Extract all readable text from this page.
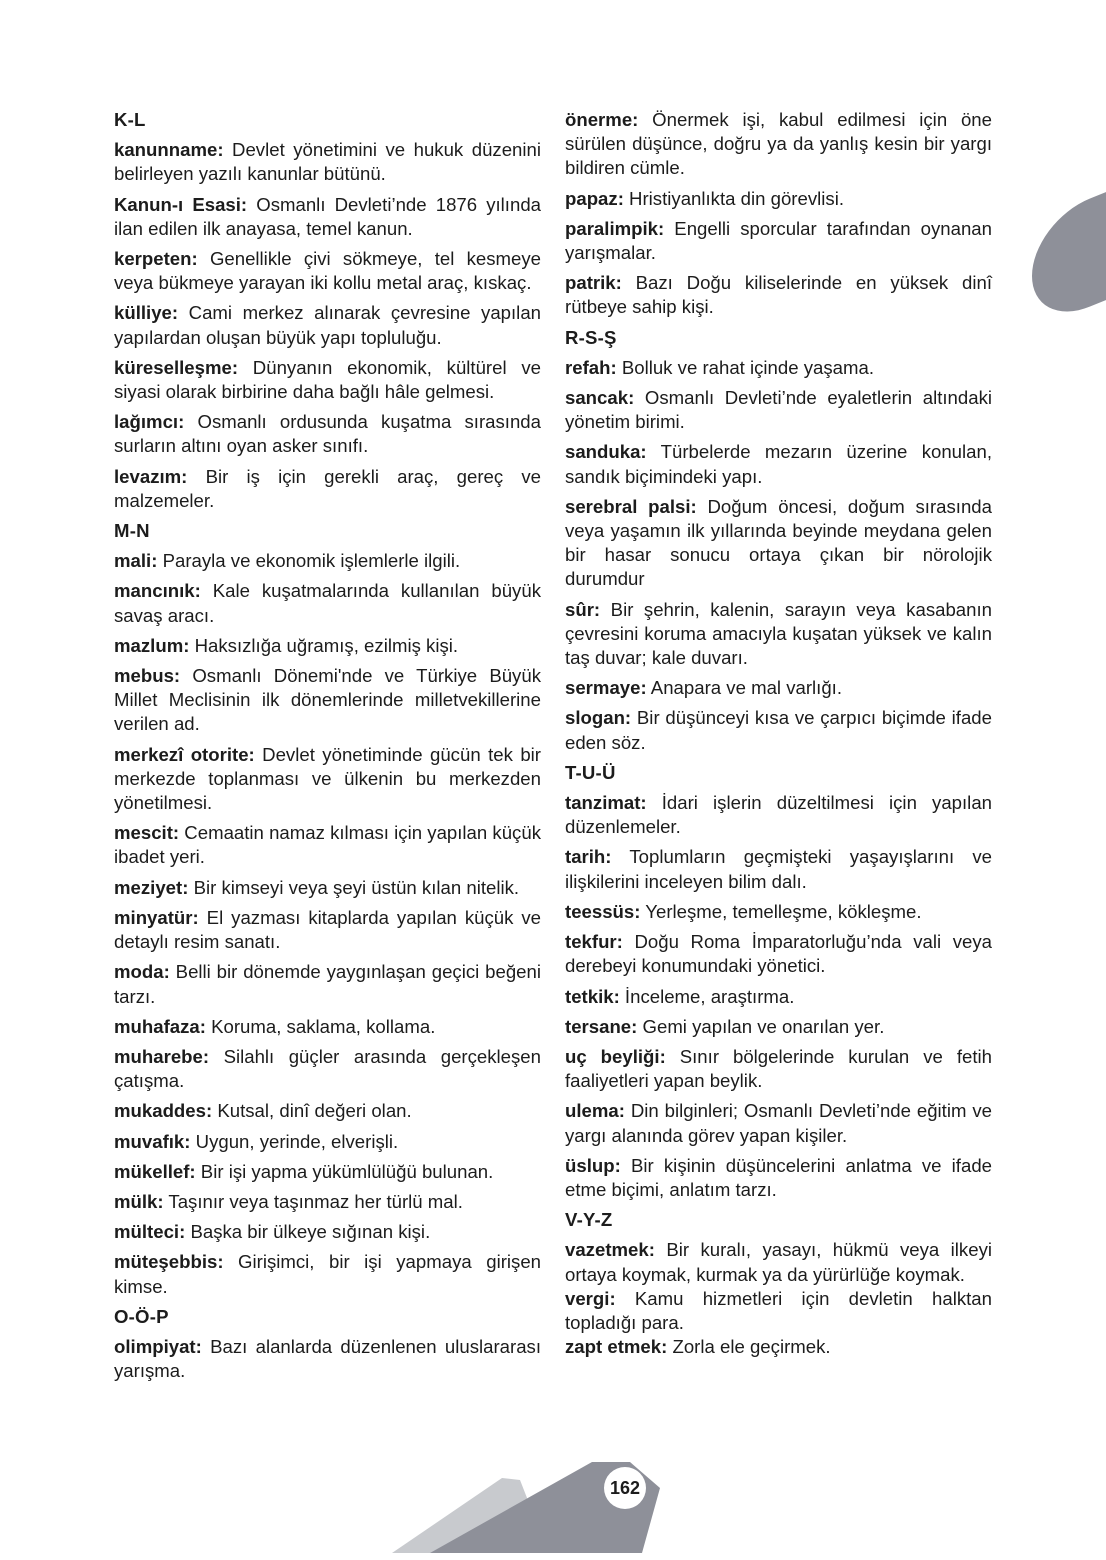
K-L
kanunname: Devlet yönetimini ve hukuk düzenini belirleyen yazılı kanunlar bütünü.
Kanun-ı Esasi: Osmanlı Devleti’nde 1876 yılında ilan edilen ilk anayasa, temel kanun.
kerpeten: Genellikle çivi sökmeye, tel kesmeye veya bükmeye yarayan iki kollu metal araç, kıskaç.
külliye: Cami merkez alınarak çevresine yapılan yapılardan oluşan büyük yapı topluluğu.
küreselleşme: Dünyanın ekonomik, kültürel ve siyasi olarak birbirine daha bağlı hâle gelmesi.
lağımcı: Osmanlı ordusunda kuşatma sırasında surların altını oyan asker sınıfı.
levazım: Bir iş için gerekli araç, gereç ve malzemeler.
M-N
mali: Parayla ve ekonomik işlemlerle ilgili.
mancınık: Kale kuşatmalarında kullanılan büyük savaş aracı.
mazlum: Haksızlığa uğramış, ezilmiş kişi.
mebus: Osmanlı Dönemi'nde ve Türkiye Büyük Millet Meclisinin ilk dönemlerinde milletvekillerine verilen ad.
merkezî otorite: Devlet yönetiminde gücün tek bir merkezde toplanması ve ülkenin bu merkezden yönetilmesi.
mescit: Cemaatin namaz kılması için yapılan küçük ibadet yeri.
meziyet: Bir kimseyi veya şeyi üstün kılan nitelik.
minyatür: El yazması kitaplarda yapılan küçük ve detaylı resim sanatı.
moda: Belli bir dönemde yaygınlaşan geçici beğeni tarzı.
muhafaza: Koruma, saklama, kollama.
muharebe: Silahlı güçler arasında gerçekleşen çatışma.
mukaddes: Kutsal, dinî değeri olan.
muvafık: Uygun, yerinde, elverişli.
mükellef: Bir işi yapma yükümlülüğü bulunan.
mülk: Taşınır veya taşınmaz her türlü mal.
mülteci: Başka bir ülkeye sığınan kişi.
müteşebbis: Girişimci, bir işi yapmaya girişen kimse.
O-Ö-P
olimpiyat: Bazı alanlarda düzenlenen uluslararası yarışma.
önerme: Önermek işi, kabul edilmesi için öne sürülen düşünce, doğru ya da yanlış kesin bir yargı bildiren cümle.
papaz: Hristiyanlıkta din görevlisi.
paralimpik: Engelli sporcular tarafından oynanan yarışmalar.
patrik: Bazı Doğu kiliselerinde en yüksek dinî rütbeye sahip kişi.
R-S-Ş
refah: Bolluk ve rahat içinde yaşama.
sancak: Osmanlı Devleti’nde eyaletlerin altındaki yönetim birimi.
sanduka: Türbelerde mezarın üzerine konulan, sandık biçimindeki yapı.
serebral palsi: Doğum öncesi, doğum sırasında veya yaşamın ilk yıllarında beyinde meydana gelen bir hasar sonucu ortaya çıkan bir nörolojik durumdur
sûr: Bir şehrin, kalenin, sarayın veya kasabanın çevresini koruma amacıyla kuşatan yüksek ve kalın taş duvar; kale duvarı.
sermaye: Anapara ve mal varlığı.
slogan: Bir düşünceyi kısa ve çarpıcı biçimde ifade eden söz.
T-U-Ü
tanzimat: İdari işlerin düzeltilmesi için yapılan düzenlemeler.
tarih: Toplumların geçmişteki yaşayışlarını ve ilişkilerini inceleyen bilim dalı.
teessüs: Yerleşme, temelleşme, kökleşme.
tekfur: Doğu Roma İmparatorluğu’nda vali veya derebeyi konumundaki yönetici.
tetkik: İnceleme, araştırma.
tersane: Gemi yapılan ve onarılan yer.
uç beyliği: Sınır bölgelerinde kurulan ve fetih faaliyetleri yapan beylik.
ulema: Din bilginleri; Osmanlı Devleti’nde eğitim ve yargı alanında görev yapan kişiler.
üslup: Bir kişinin düşüncelerini anlatma ve ifade etme biçimi, anlatım tarzı.
V-Y-Z
vazetmek: Bir kuralı, yasayı, hükmü veya ilkeyi ortaya koymak, kurmak ya da yürürlüğe koymak.
vergi: Kamu hizmetleri için devletin halktan topladığı para.
zapt etmek: Zorla ele geçirmek.
162
